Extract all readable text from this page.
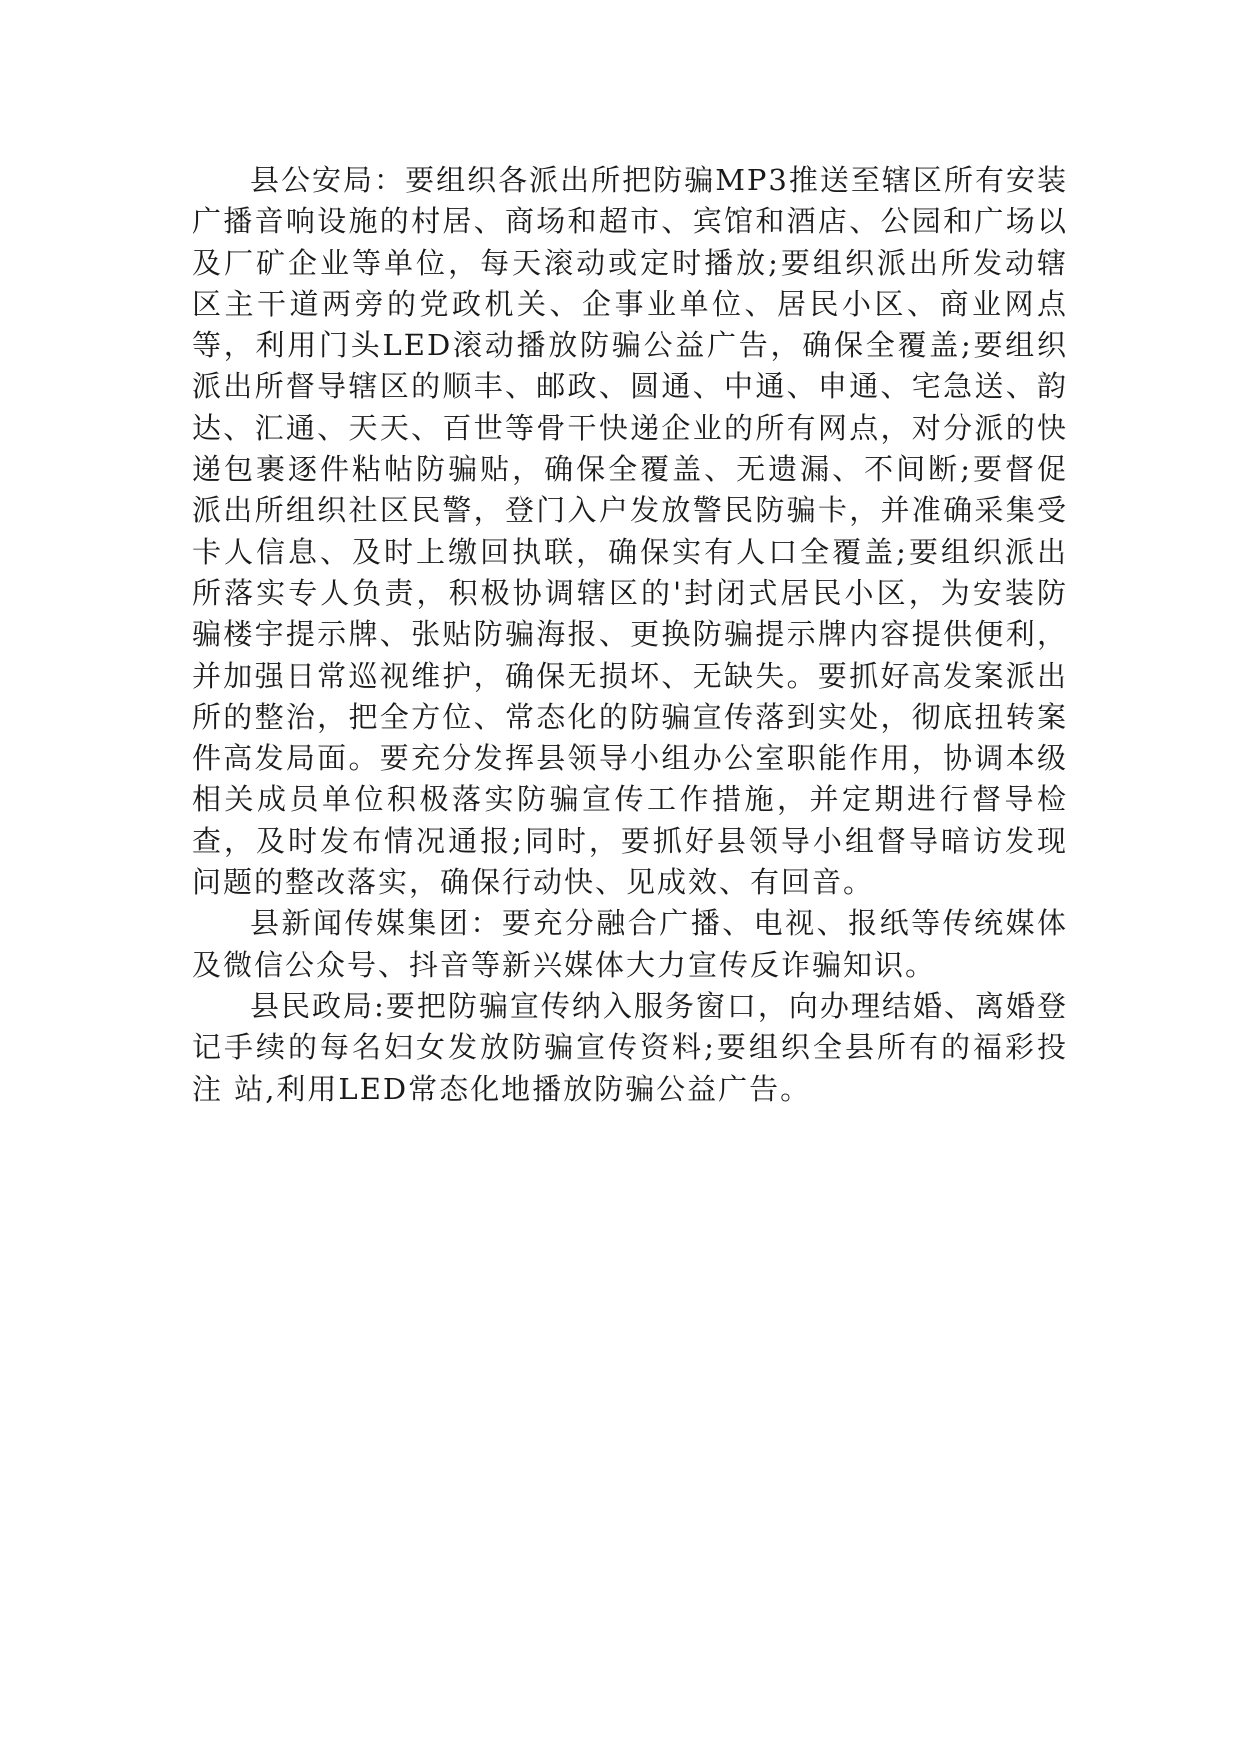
县公安局：要组织各派出所把防骗MP3推送至辖区所有安装广播音响设施的村居、商场和超市、宾馆和酒店、公园和广场以及厂矿企业等单位，每天滚动或定时播放;要组织派出所发动辖区主干道两旁的党政机关、企事业单位、居民小区、商业网点等，利用门头LED滚动播放防骗公益广告，确保全覆盖;要组织派出所督导辖区的顺丰、邮政、圆通、中通、申通、宅急送、韵达、汇通、天天、百世等骨干快递企业的所有网点，对分派的快递包裹逐件粘帖防骗贴，确保全覆盖、无遗漏、不间断;要督促派出所组织社区民警，登门入户发放警民防骗卡，并准确采集受卡人信息、及时上缴回执联，确保实有人口全覆盖;要组织派出所落实专人负责，积极协调辖区的'封闭式居民小区，为安装防骗楼宇提示牌、张贴防骗海报、更换防骗提示牌内容提供便利，并加强日常巡视维护，确保无损坏、无缺失。要抓好高发案派出所的整治，把全方位、常态化的防骗宣传落到实处，彻底扭转案件高发局面。要充分发挥县领导小组办公室职能作用，协调本级相关成员单位积极落实防骗宣传工作措施，并定期进行督导检查，及时发布情况通报;同时，要抓好县领导小组督导暗访发现问题的整改落实，确保行动快、见成效、有回音。

县新闻传媒集团：要充分融合广播、电视、报纸等传统媒体及微信公众号、抖音等新兴媒体大力宣传反诈骗知识。

县民政局:要把防骗宣传纳入服务窗口，向办理结婚、离婚登记手续的每名妇女发放防骗宣传资料;要组织全县所有的福彩投注 站,利用LED常态化地播放防骗公益广告。
